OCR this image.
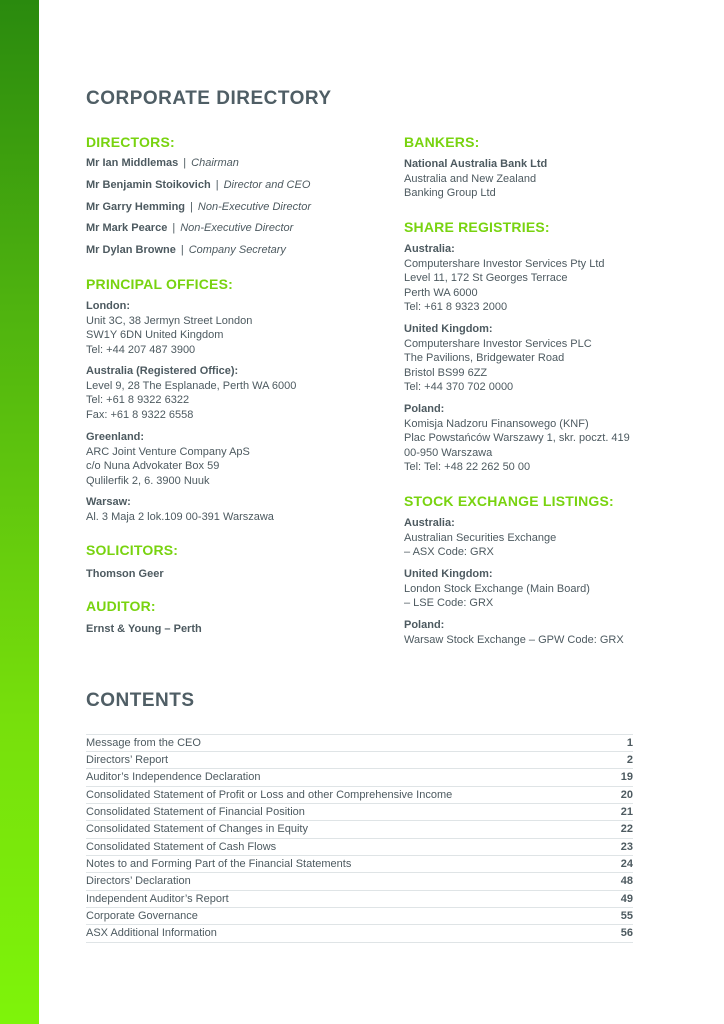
CORPORATE DIRECTORY
DIRECTORS:
Mr Ian Middlemas | Chairman
Mr Benjamin Stoikovich | Director and CEO
Mr Garry Hemming | Non-Executive Director
Mr Mark Pearce | Non-Executive Director
Mr Dylan Browne | Company Secretary
PRINCIPAL OFFICES:
London:
Unit 3C, 38 Jermyn Street London
SW1Y 6DN United Kingdom
Tel: +44 207 487 3900
Australia (Registered Office):
Level 9, 28 The Esplanade, Perth WA 6000
Tel: +61 8 9322 6322
Fax: +61 8 9322 6558
Greenland:
ARC Joint Venture Company ApS
c/o Nuna Advokater Box 59
Qulilerfik 2, 6. 3900 Nuuk
Warsaw:
Al. 3 Maja 2 lok.109 00-391 Warszawa
SOLICITORS:
Thomson Geer
AUDITOR:
Ernst & Young – Perth
BANKERS:
National Australia Bank Ltd
Australia and New Zealand
Banking Group Ltd
SHARE REGISTRIES:
Australia:
Computershare Investor Services Pty Ltd
Level 11, 172 St Georges Terrace
Perth WA 6000
Tel: +61 8 9323 2000
United Kingdom:
Computershare Investor Services PLC
The Pavilions, Bridgewater Road
Bristol BS99 6ZZ
Tel: +44 370 702 0000
Poland:
Komisja Nadzoru Finansowego (KNF)
Plac Powstańców Warszawy 1, skr. poczt. 419
00-950 Warszawa
Tel: Tel: +48 22 262 50 00
STOCK EXCHANGE LISTINGS:
Australia:
Australian Securities Exchange
– ASX Code: GRX
United Kingdom:
London Stock Exchange (Main Board)
– LSE Code: GRX
Poland:
Warsaw Stock Exchange – GPW Code: GRX
CONTENTS
Message from the CEO	1
Directors’ Report	2
Auditor’s Independence Declaration	19
Consolidated Statement of Profit or Loss and other Comprehensive Income	20
Consolidated Statement of Financial Position	21
Consolidated Statement of Changes in Equity	22
Consolidated Statement of Cash Flows	23
Notes to and Forming Part of the Financial Statements	24
Directors’ Declaration	48
Independent Auditor’s Report	49
Corporate Governance	55
ASX Additional Information	56
